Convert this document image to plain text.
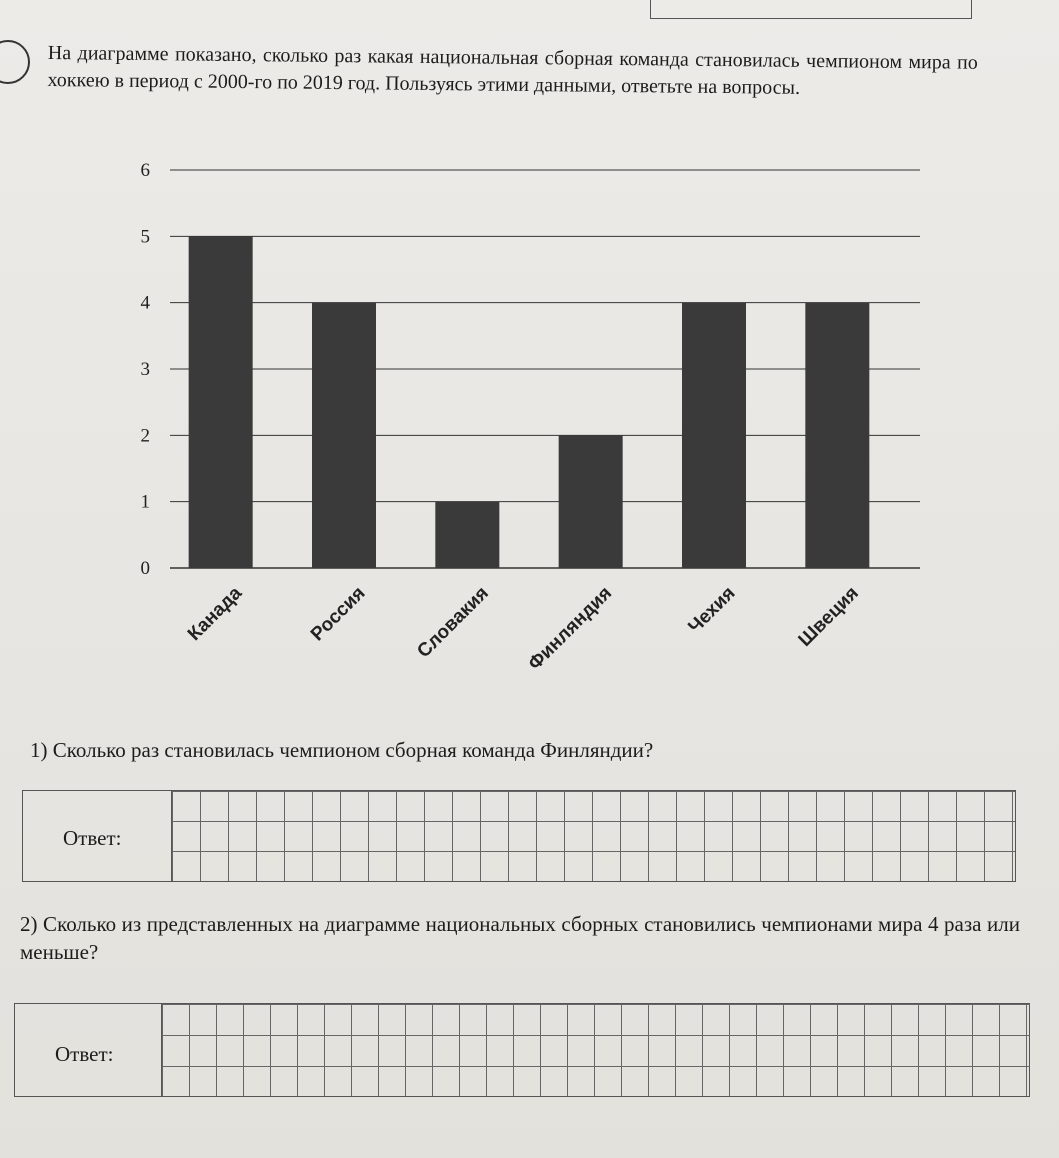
На диаграмме показано, сколько раз какая национальная сборная команда становилась чемпионом мира по хоккею в период с 2000-го по 2019 год. Пользуясь этими данными, ответьте на вопросы.
0
1
2
3
4
5
6
Канада	Россия Словакия Финляндия	Чехия	Швеция
1) Сколько раз становилась чемпионом сборная команда Финляндии?
Ответ:
2) Сколько из представленных на диаграмме национальных сборных становились чемпионами мира 4 раза или меньше?
Ответ:
